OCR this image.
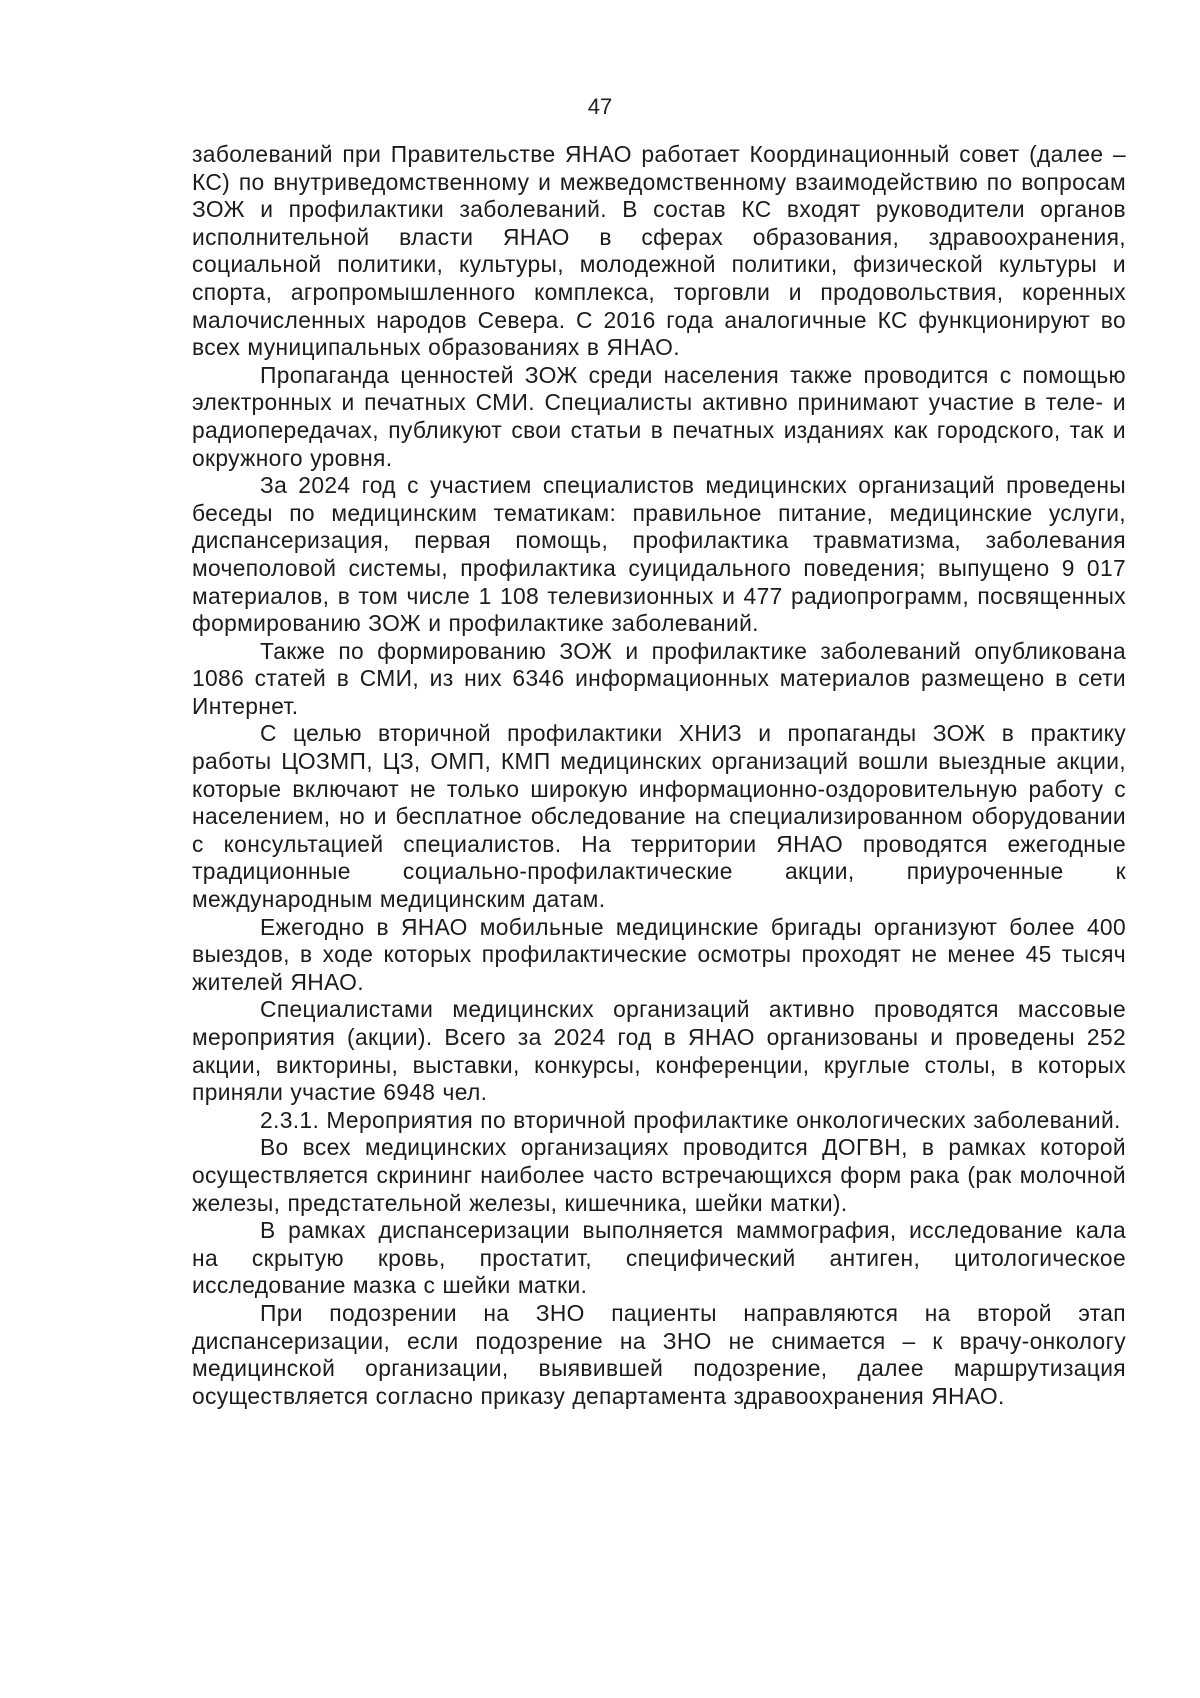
47

заболеваний при Правительстве ЯНАО работает Координационный совет (далее – КС) по внутриведомственному и межведомственному взаимодействию по вопросам ЗОЖ и профилактики заболеваний. В состав КС входят руководители органов исполнительной власти ЯНАО в сферах образования, здравоохранения, социальной политики, культуры, молодежной политики, физической культуры и спорта, агропромышленного комплекса, торговли и продовольствия, коренных малочисленных народов Севера. С 2016 года аналогичные КС функционируют во всех муниципальных образованиях в ЯНАО.

Пропаганда ценностей ЗОЖ среди населения также проводится с помощью электронных и печатных СМИ. Специалисты активно принимают участие в теле- и радиопередачах, публикуют свои статьи в печатных изданиях как городского, так и окружного уровня.

За 2024 год с участием специалистов медицинских организаций проведены беседы по медицинским тематикам: правильное питание, медицинские услуги, диспансеризация, первая помощь, профилактика травматизма, заболевания мочеполовой системы, профилактика суицидального поведения; выпущено 9 017 материалов, в том числе 1 108 телевизионных и 477 радиопрограмм, посвященных формированию ЗОЖ и профилактике заболеваний.

Также по формированию ЗОЖ и профилактике заболеваний опубликована 1086 статей в СМИ, из них 6346 информационных материалов размещено в сети Интернет.

С целью вторичной профилактики ХНИЗ и пропаганды ЗОЖ в практику работы ЦОЗМП, ЦЗ, ОМП, КМП медицинских организаций вошли выездные акции, которые включают не только широкую информационно-оздоровительную работу с населением, но и бесплатное обследование на специализированном оборудовании с консультацией специалистов. На территории ЯНАО проводятся ежегодные традиционные социально-профилактические акции, приуроченные к международным медицинским датам.

Ежегодно в ЯНАО мобильные медицинские бригады организуют более 400 выездов, в ходе которых профилактические осмотры проходят не менее 45 тысяч жителей ЯНАО.

Специалистами медицинских организаций активно проводятся массовые мероприятия (акции). Всего за 2024 год в ЯНАО организованы и проведены 252 акции, викторины, выставки, конкурсы, конференции, круглые столы, в которых приняли участие 6948 чел.

2.3.1. Мероприятия по вторичной профилактике онкологических заболеваний.

Во всех медицинских организациях проводится ДОГВН, в рамках которой осуществляется скрининг наиболее часто встречающихся форм рака (рак молочной железы, предстательной железы, кишечника, шейки матки).

В рамках диспансеризации выполняется маммография, исследование кала на скрытую кровь, простатит, специфический антиген, цитологическое исследование мазка с шейки матки.

При подозрении на ЗНО пациенты направляются на второй этап диспансеризации, если подозрение на ЗНО не снимается – к врачу-онкологу медицинской организации, выявившей подозрение, далее маршрутизация осуществляется согласно приказу департамента здравоохранения ЯНАО.
